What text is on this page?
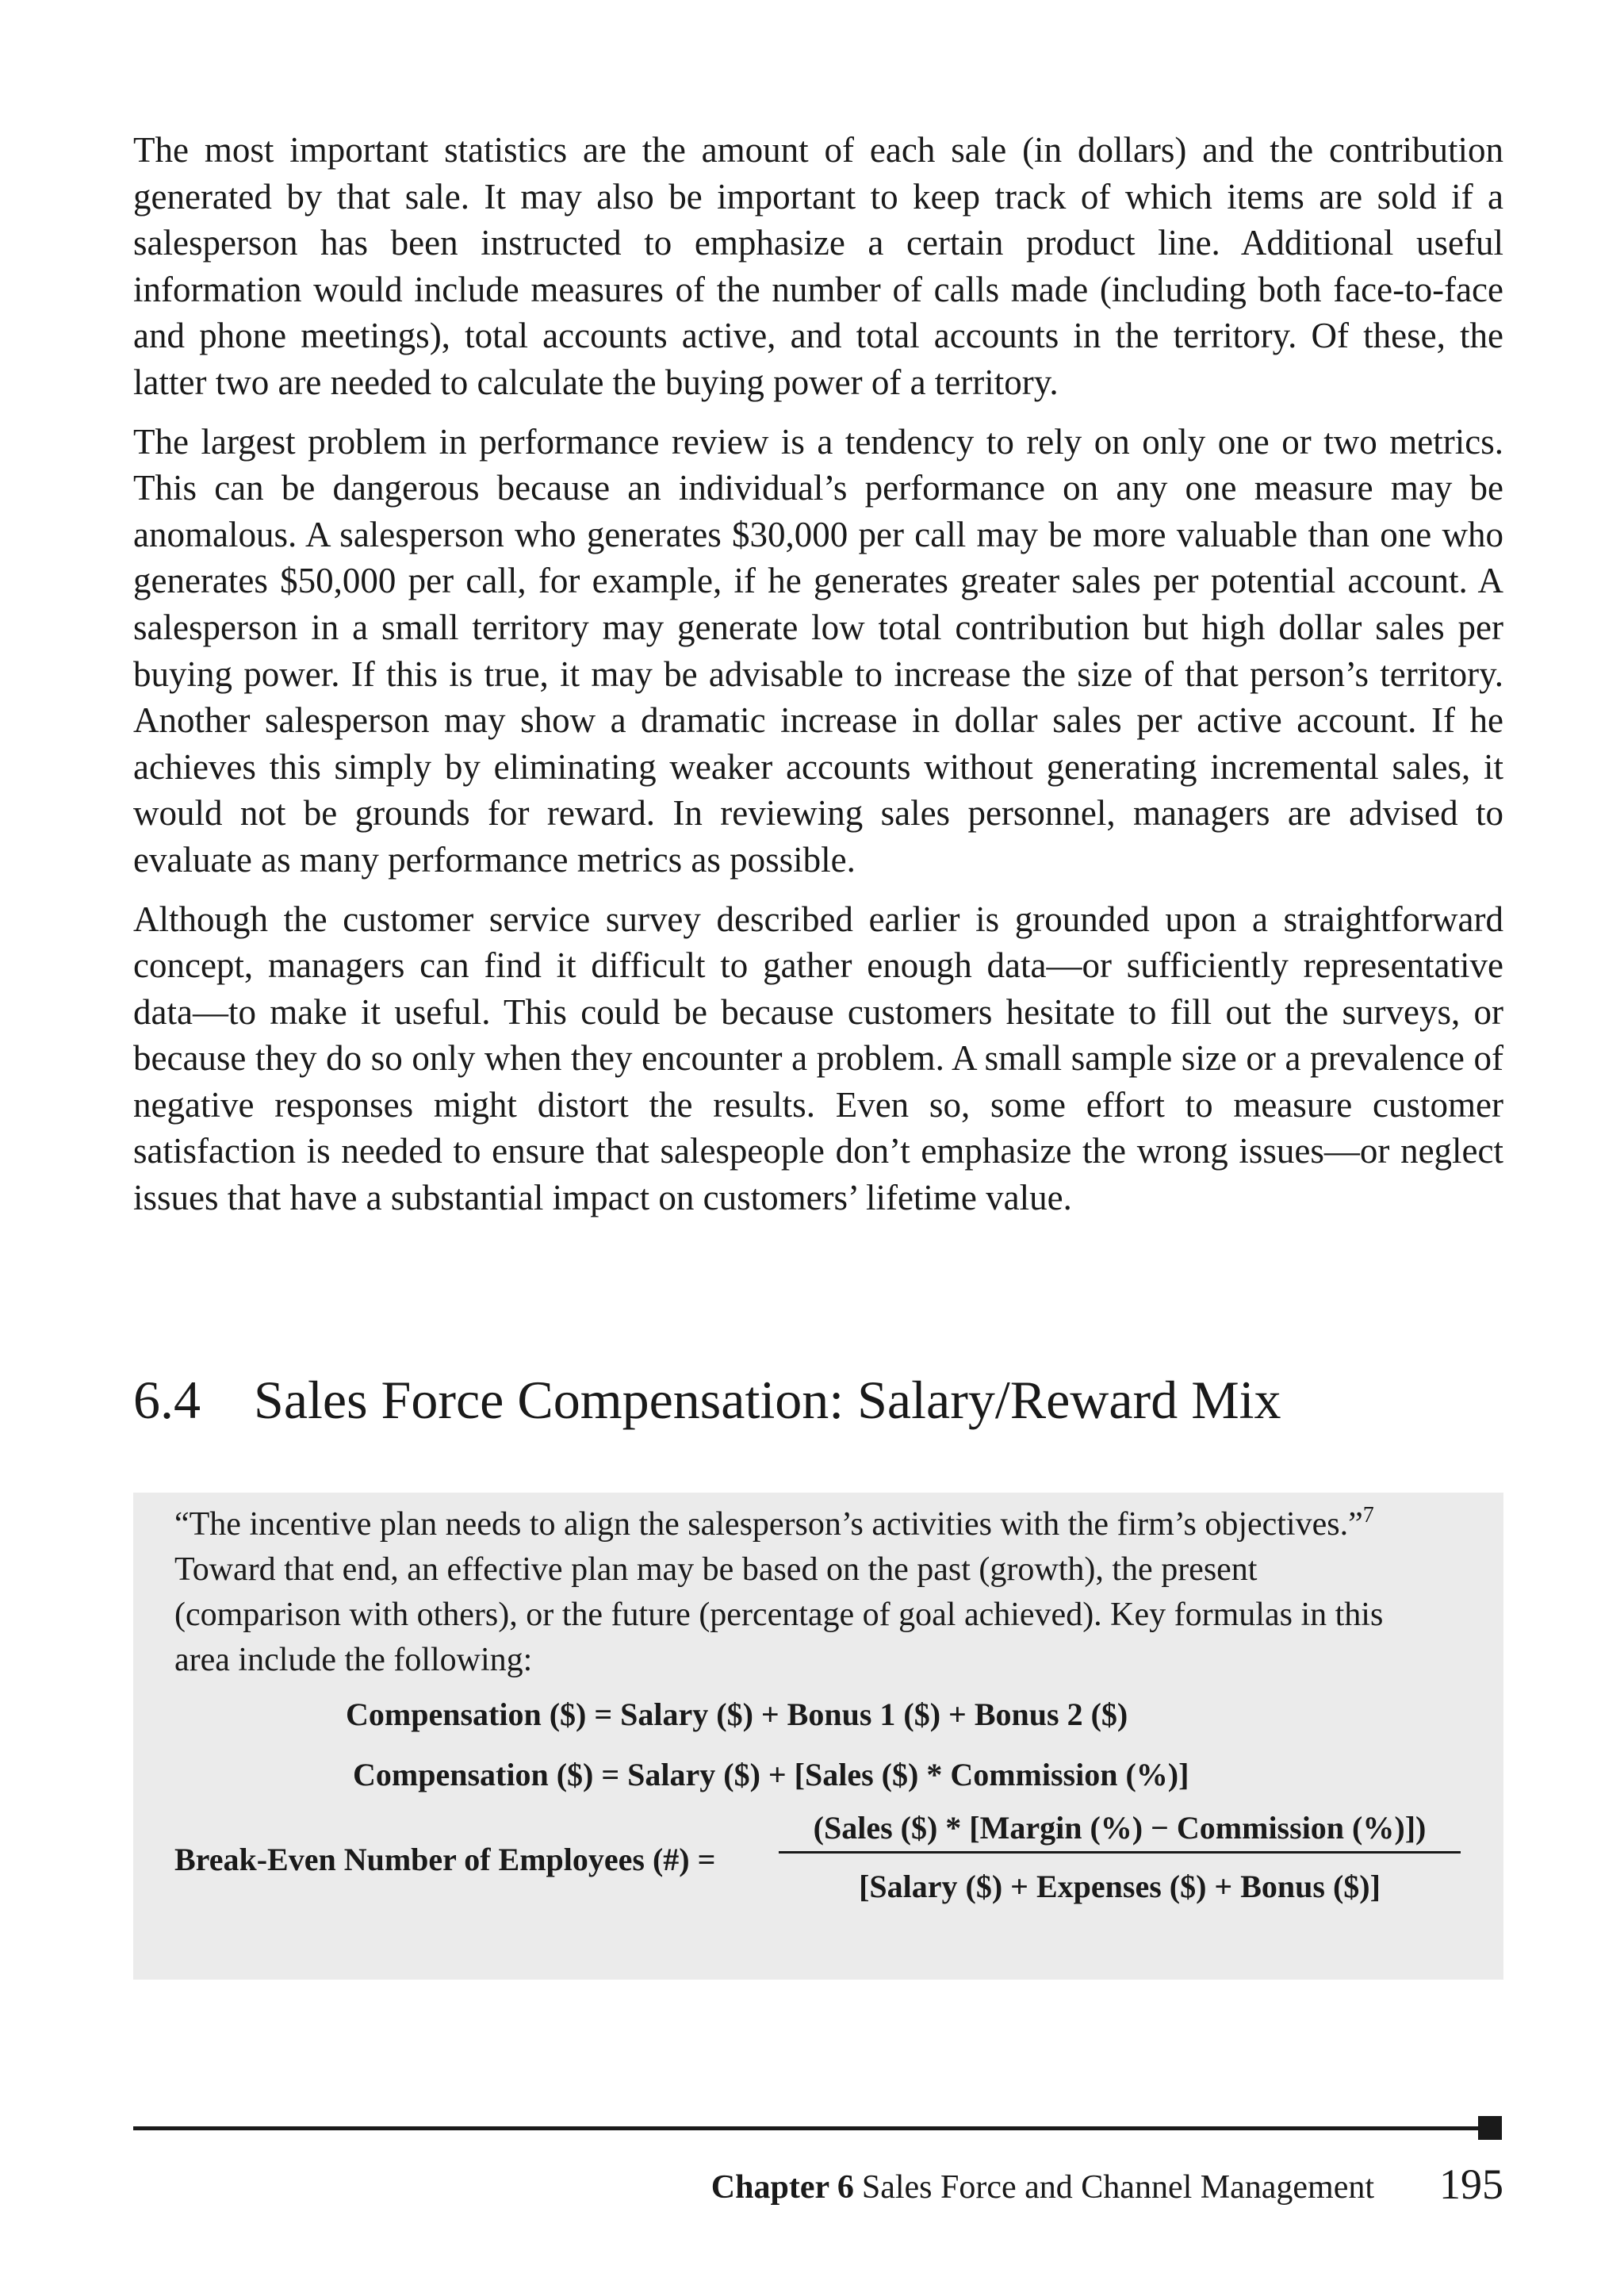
The most important statistics are the amount of each sale (in dollars) and the contribution generated by that sale. It may also be important to keep track of which items are sold if a salesperson has been instructed to emphasize a certain product line. Additional useful information would include measures of the number of calls made (including both face-to-face and phone meetings), total accounts active, and total accounts in the territory. Of these, the latter two are needed to calculate the buying power of a territory.

The largest problem in performance review is a tendency to rely on only one or two metrics. This can be dangerous because an individual’s performance on any one measure may be anomalous. A salesperson who generates $30,000 per call may be more valuable than one who generates $50,000 per call, for example, if he generates greater sales per potential account. A salesperson in a small territory may generate low total contribution but high dollar sales per buying power. If this is true, it may be advisable to increase the size of that person’s territory. Another salesperson may show a dramatic increase in dollar sales per active account. If he achieves this simply by eliminating weaker accounts without generating incremental sales, it would not be grounds for reward. In reviewing sales personnel, managers are advised to evaluate as many performance metrics as possible.

Although the customer service survey described earlier is grounded upon a straightforward concept, managers can find it difficult to gather enough data—or sufficiently representative data—to make it useful. This could be because customers hesitate to fill out the surveys, or because they do so only when they encounter a problem. A small sample size or a prevalence of negative responses might distort the results. Even so, some effort to measure customer satisfaction is needed to ensure that salespeople don’t emphasize the wrong issues—or neglect issues that have a substantial impact on customers’ lifetime value.

6.4 Sales Force Compensation: Salary/Reward Mix

“The incentive plan needs to align the salesperson’s activities with the firm’s objectives.”$^7$ Toward that end, an effective plan may be based on the past (growth), the present (comparison with others), or the future (percentage of goal achieved). Key formulas in this area include the following:

Compensation ($) = Salary ($) + Bonus 1 ($) + Bonus 2 ($)
Compensation ($) = Salary ($) + [Sales ($) * Commission (%)]
Break-Even Number of Employees (#) =
(Sales ($) * [Margin (%) − Commission (%)])
[Salary ($) + Expenses ($) + Bonus ($)]
Chapter 6 Sales Force and Channel Management 195
